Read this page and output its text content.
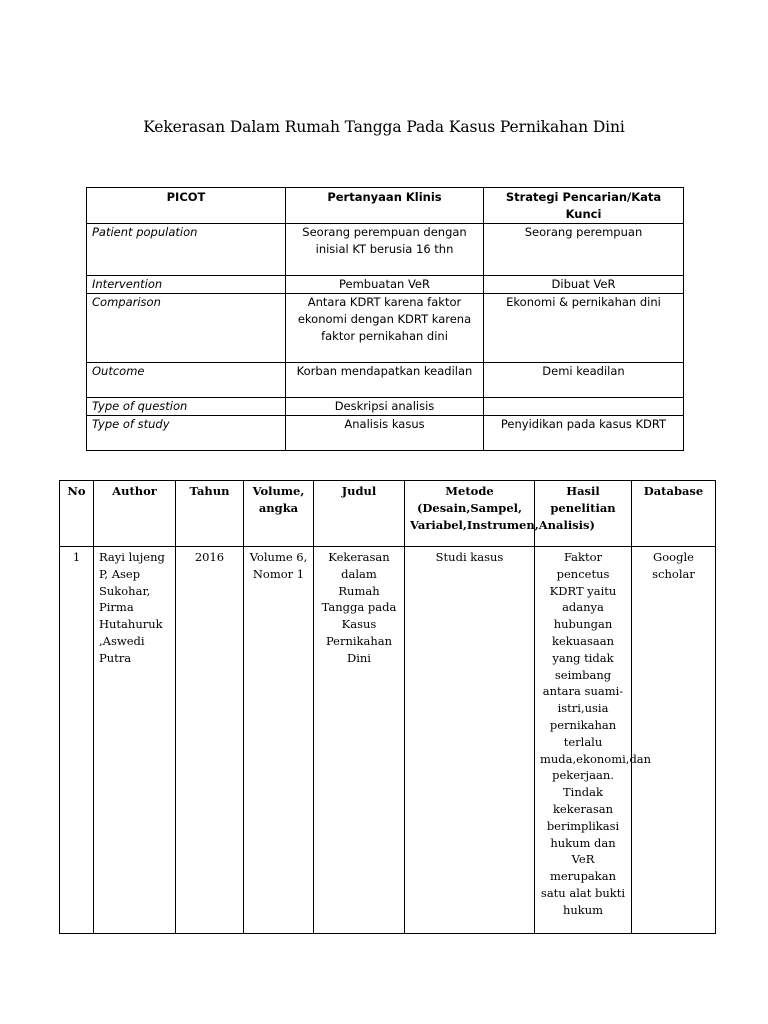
Kekerasan Dalam Rumah Tangga Pada Kasus Pernikahan Dini
PICOT	Pertanyaan Klinis	Strategi Pencarian/Kata Kunci
Patient population	Seorang perempuan dengan inisial KT berusia 16 thn	Seorang perempuan
Intervention	Pembuatan VeR	Dibuat VeR
Comparison	Antara KDRT karena faktor ekonomi dengan KDRT karena faktor pernikahan dini	Ekonomi & pernikahan dini
Outcome	Korban mendapatkan keadilan	Demi keadilan
Type of question	Deskripsi analisis	
Type of study	Analisis kasus	Penyidikan pada kasus KDRT
No	Author	Tahun	Volume, angka	Judul	Metode (Desain,Sampel, Variabel,Instrumen,Analisis)	Hasil penelitian	Database
1	Rayi lujeng P, Asep Sukohar, Pirma Hutahuruk ,Aswedi Putra	2016	Volume 6, Nomor 1	Kekerasan dalam Rumah Tangga pada Kasus Pernikahan Dini	Studi kasus	Faktor pencetus KDRT yaitu adanya hubungan kekuasaan yang tidak seimbang antara suami-istri,usia pernikahan terlalu muda,ekonomi,dan pekerjaan. Tindak kekerasan berimplikasi hukum dan VeR merupakan satu alat bukti hukum	Google scholar
